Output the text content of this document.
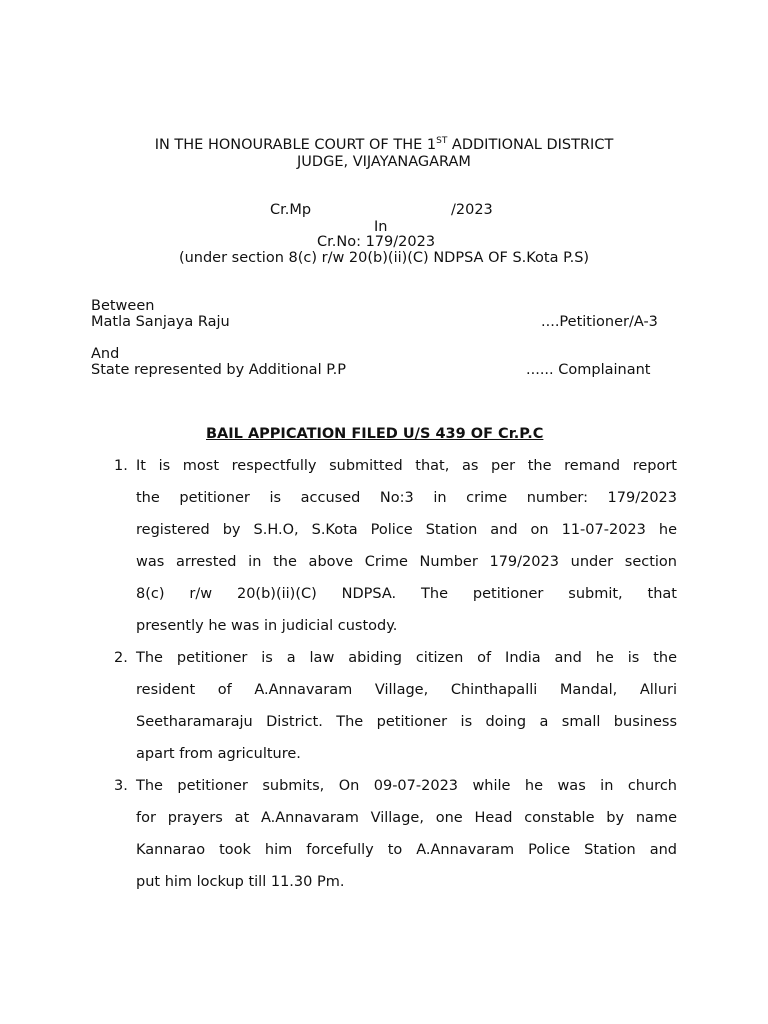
IN THE HONOURABLE COURT OF THE 1ST ADDITIONAL DISTRICT
JUDGE, VIJAYANAGARAM
Cr.Mp	/2023
In
Cr.No: 179/2023
(under section 8(c) r/w 20(b)(ii)(C) NDPSA OF S.Kota P.S)
Between
Matla Sanjaya Raju	....Petitioner/A-3
And
State represented by Additional P.P	...... Complainant
BAIL APPICATION FILED U/S 439 OF Cr.P.C
1. It is most respectfully submitted that, as per the remand report
the petitioner is accused No:3 in crime number: 179/2023
registered by S.H.O, S.Kota Police Station and on 11-07-2023 he
was arrested in the above Crime Number 179/2023 under section
8(c) r/w 20(b)(ii)(C) NDPSA. The petitioner submit, that
presently he was in judicial custody.
2. The petitioner is a law abiding citizen of India and he is the
resident of A.Annavaram Village, Chinthapalli Mandal, Alluri
Seetharamaraju District. The petitioner is doing a small business
apart from agriculture.
3. The petitioner submits, On 09-07-2023 while he was in church
for prayers at A.Annavaram Village, one Head constable by name
Kannarao took him forcefully to A.Annavaram Police Station and
put him lockup till 11.30 Pm.
